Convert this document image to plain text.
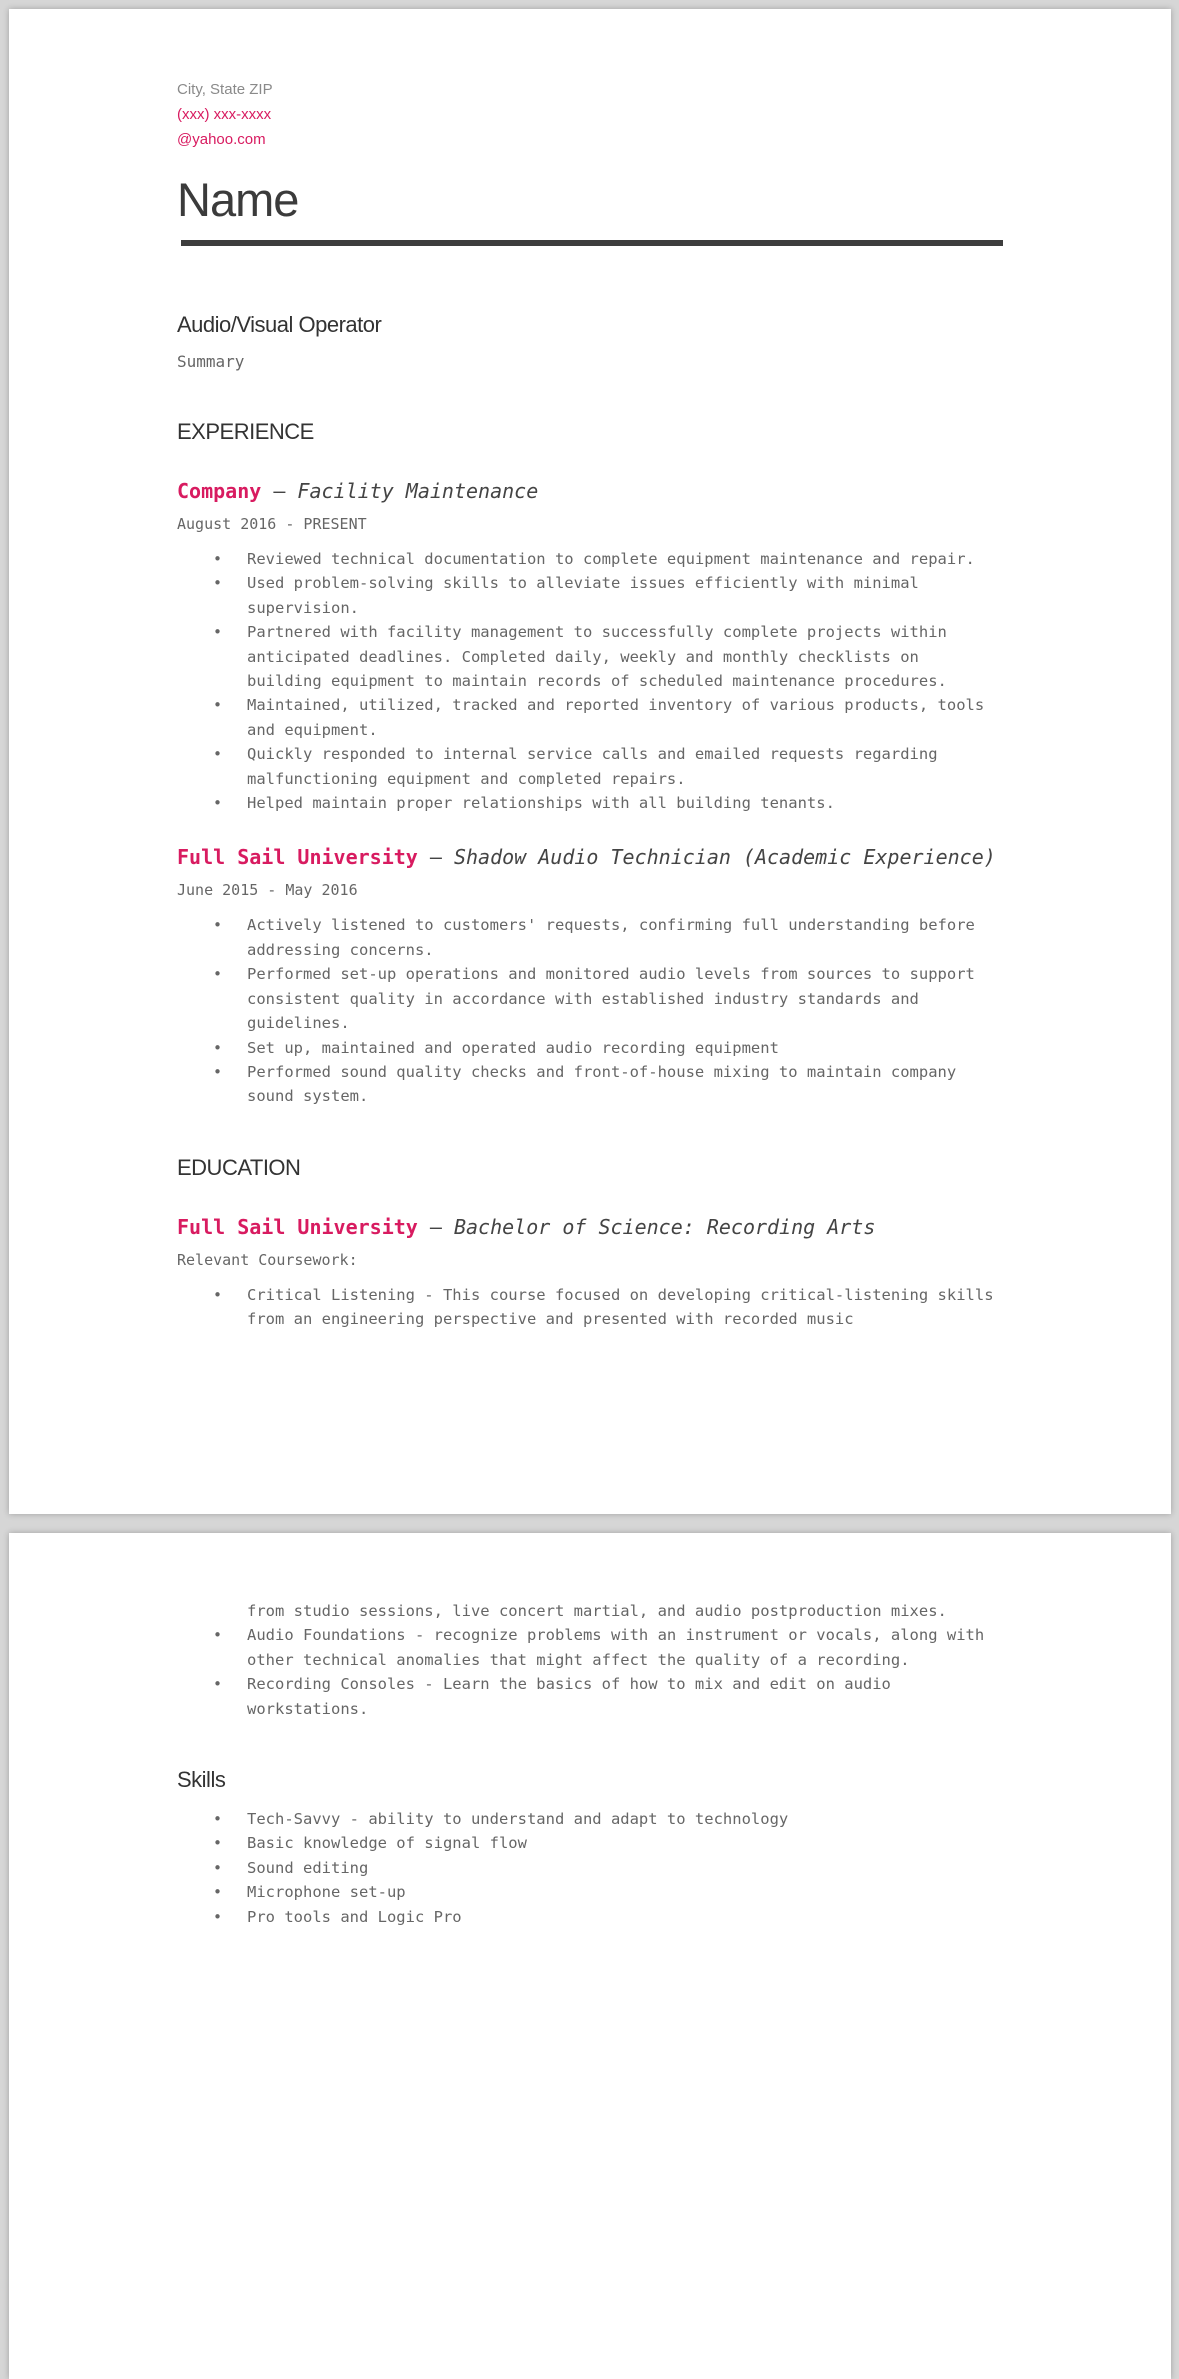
City, State ZIP
(xxx) xxx-xxxx
@yahoo.com
Name
Audio/Visual Operator
Summary
EXPERIENCE
Company — Facility Maintenance
August 2016 - PRESENT
• Reviewed technical documentation to complete equipment maintenance and repair.
• Used problem-solving skills to alleviate issues efficiently with minimal supervision.
• Partnered with facility management to successfully complete projects within anticipated deadlines. Completed daily, weekly and monthly checklists on building equipment to maintain records of scheduled maintenance procedures.
• Maintained, utilized, tracked and reported inventory of various products, tools and equipment.
• Quickly responded to internal service calls and emailed requests regarding malfunctioning equipment and completed repairs.
• Helped maintain proper relationships with all building tenants.
Full Sail University — Shadow Audio Technician (Academic Experience)
June 2015 - May 2016
• Actively listened to customers' requests, confirming full understanding before addressing concerns.
• Performed set-up operations and monitored audio levels from sources to support consistent quality in accordance with established industry standards and guidelines.
• Set up, maintained and operated audio recording equipment
• Performed sound quality checks and front-of-house mixing to maintain company sound system.
EDUCATION
Full Sail University — Bachelor of Science: Recording Arts
Relevant Coursework:
• Critical Listening - This course focused on developing critical-listening skills from an engineering perspective and presented with recorded music
from studio sessions, live concert martial, and audio postproduction mixes.
• Audio Foundations - recognize problems with an instrument or vocals, along with other technical anomalies that might affect the quality of a recording.
• Recording Consoles - Learn the basics of how to mix and edit on audio workstations.
Skills
• Tech-Savvy - ability to understand and adapt to technology
• Basic knowledge of signal flow
• Sound editing
• Microphone set-up
• Pro tools and Logic Pro
